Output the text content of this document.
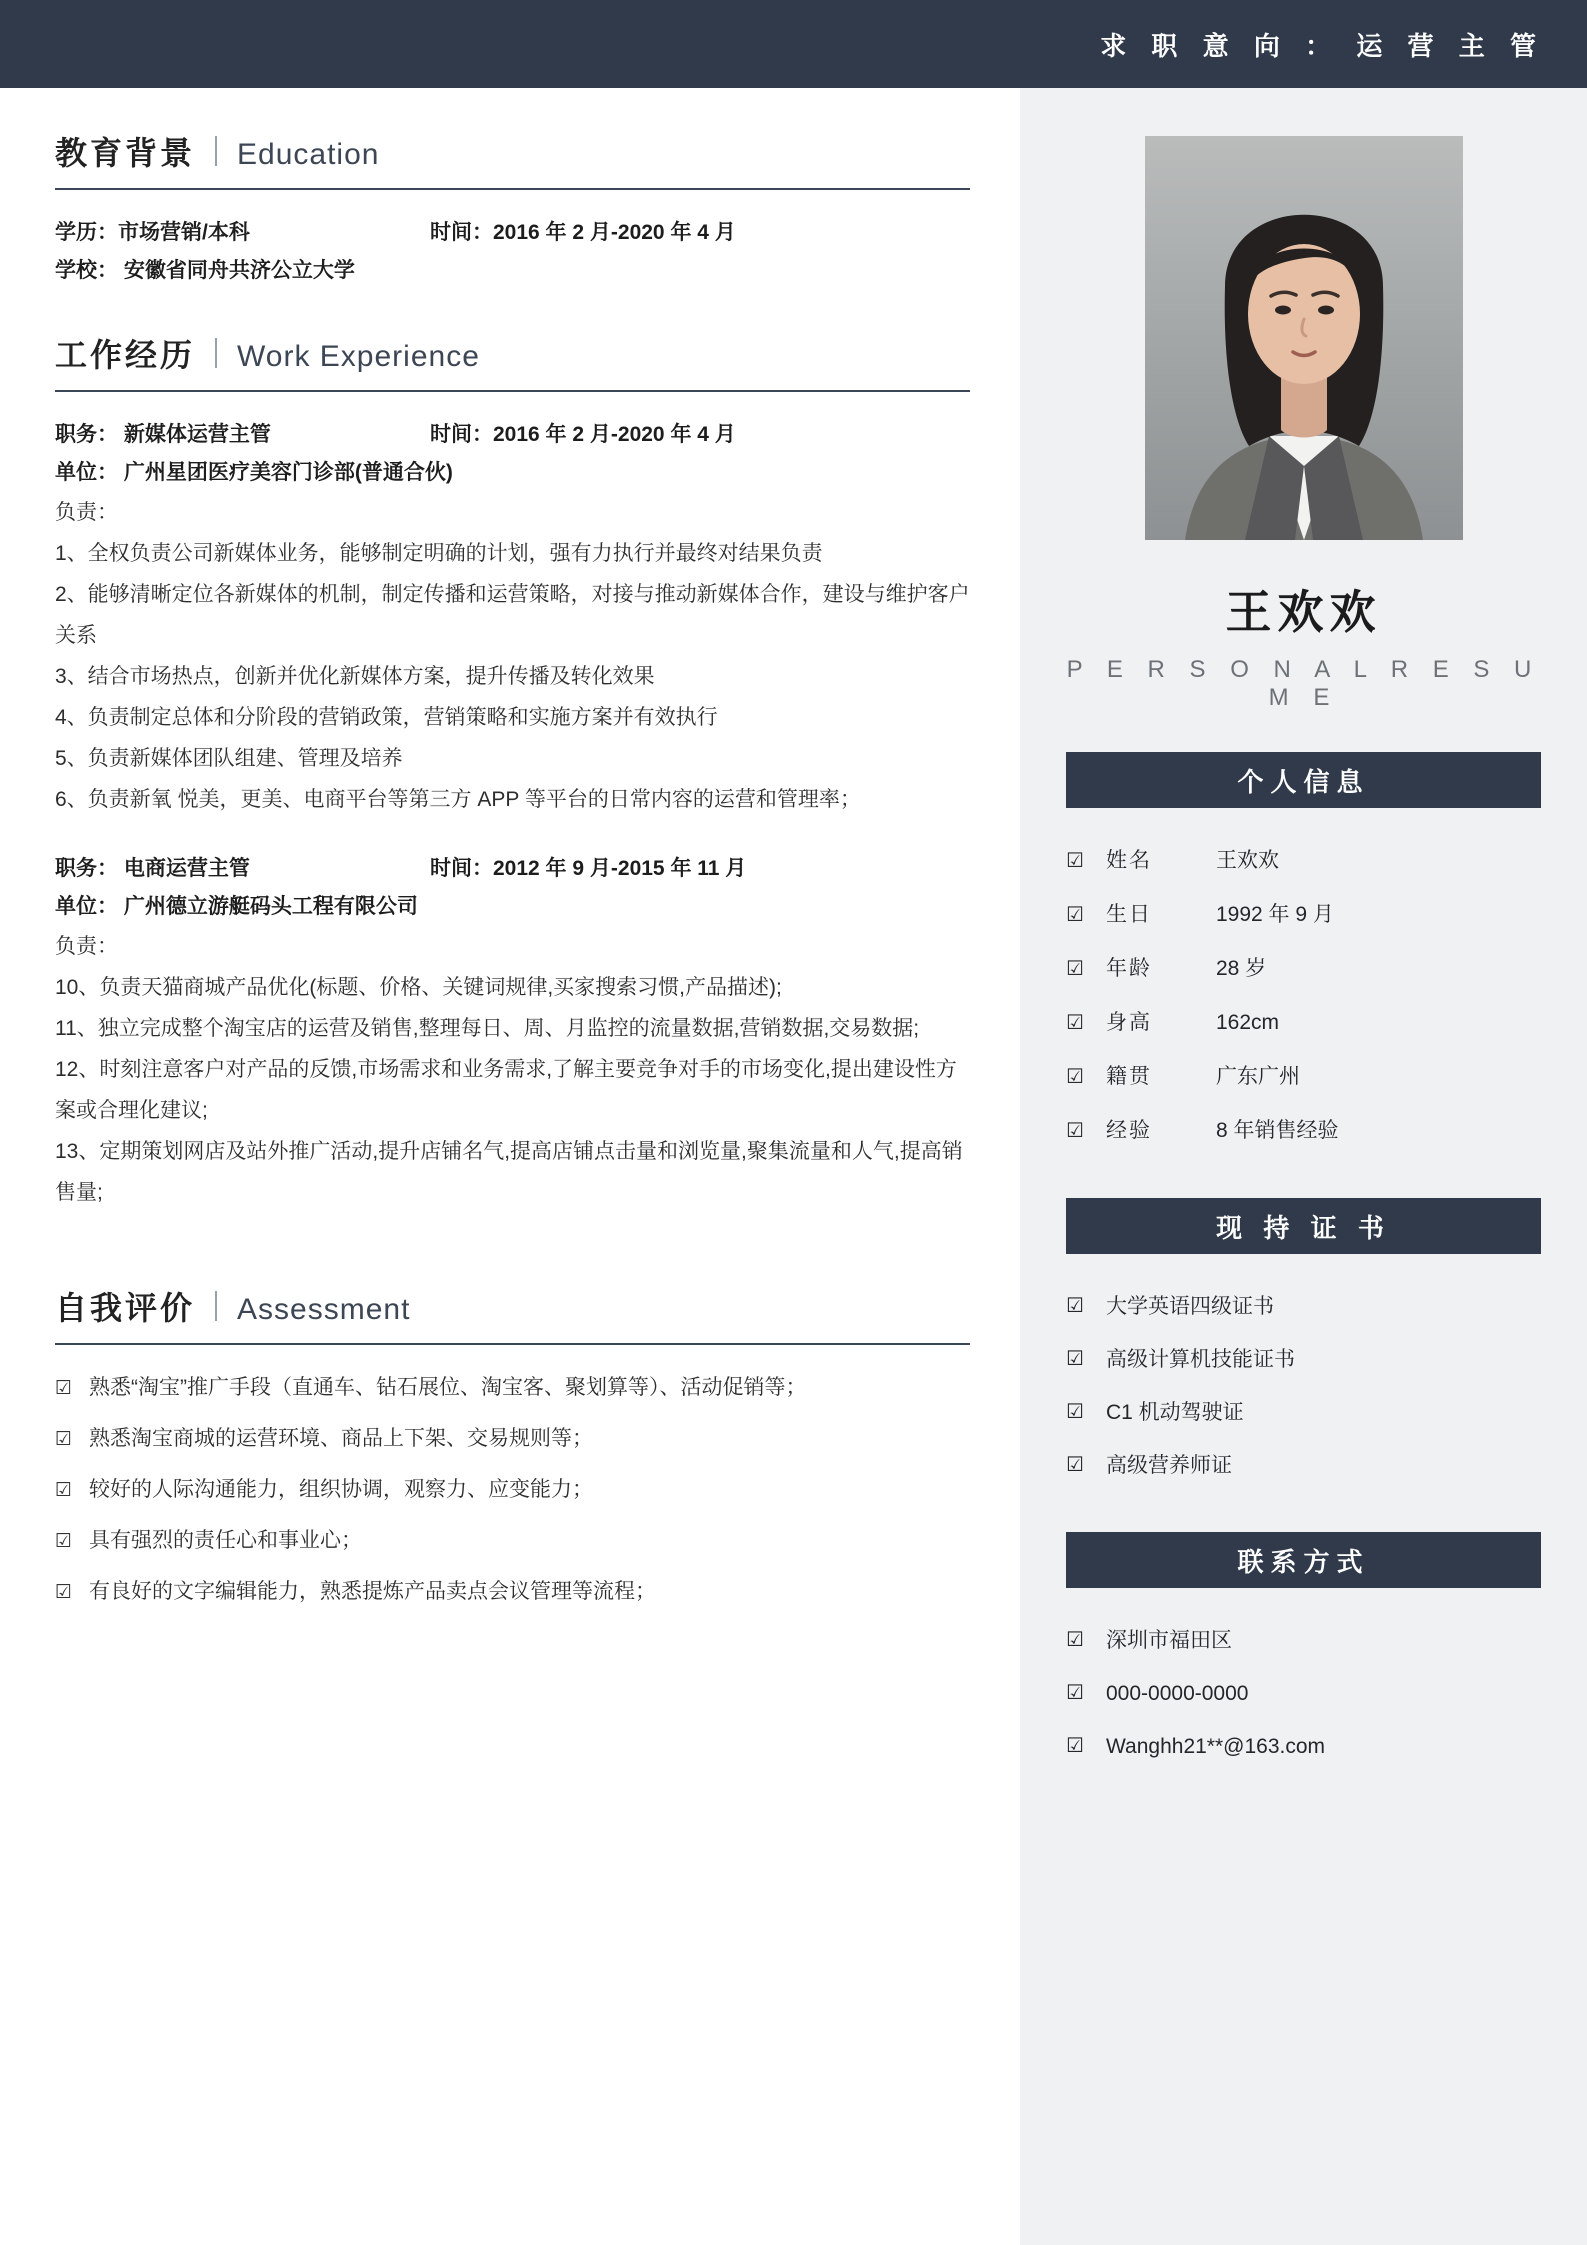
求 职 意 向 ： 运 营 主 管
教育背景 Education
学历：市场营销/本科	时间：2016 年 2 月-2020 年 4 月
学校： 安徽省同舟共济公立大学
工作经历 Work Experience
职务： 新媒体运营主管	时间：2016 年 2 月-2020 年 4 月
单位： 广州星团医疗美容门诊部(普通合伙)

负责：

1、全权负责公司新媒体业务，能够制定明确的计划，强有力执行并最终对结果负责

2、能够清晰定位各新媒体的机制，制定传播和运营策略，对接与推动新媒体合作，建设与维护客户关系

3、结合市场热点，创新并优化新媒体方案，提升传播及转化效果

4、负责制定总体和分阶段的营销政策，营销策略和实施方案并有效执行

5、负责新媒体团队组建、管理及培养

6、负责新氧 悦美，更美、电商平台等第三方 APP 等平台的日常内容的运营和管理率；

职务： 电商运营主管	时间：2012 年 9 月-2015 年 11 月
单位： 广州德立游艇码头工程有限公司

负责：

10、负责天猫商城产品优化(标题、价格、关键词规律,买家搜索习惯,产品描述);

11、独立完成整个淘宝店的运营及销售,整理每日、周、月监控的流量数据,营销数据,交易数据;

12、时刻注意客户对产品的反馈,市场需求和业务需求,了解主要竞争对手的市场变化,提出建设性方案或合理化建议;

13、定期策划网店及站外推广活动,提升店铺名气,提高店铺点击量和浏览量,聚集流量和人气,提高销售量;

自我评价 Assessment
☑ 熟悉“淘宝”推广手段（直通车、钻石展位、淘宝客、聚划算等）、活动促销等；
☑ 熟悉淘宝商城的运营环境、商品上下架、交易规则等；
☑ 较好的人际沟通能力，组织协调，观察力、应变能力；
☑ 具有强烈的责任心和事业心；
☑ 有良好的文字编辑能力，熟悉提炼产品卖点会议管理等流程；
王欢欢
P E R S O N A L R E S U M E
个人信息
☑	姓名	王欢欢
☑	生日	1992 年 9 月
☑	年龄	28 岁
☑	身高	162cm
☑	籍贯	广东广州
☑	经验	8 年销售经验
现 持 证 书
☑	大学英语四级证书
☑	高级计算机技能证书
☑	C1 机动驾驶证
☑	高级营养师证
联系方式
☑	深圳市福田区
☑	000-0000-0000
☑	Wanghh21**@163.com
